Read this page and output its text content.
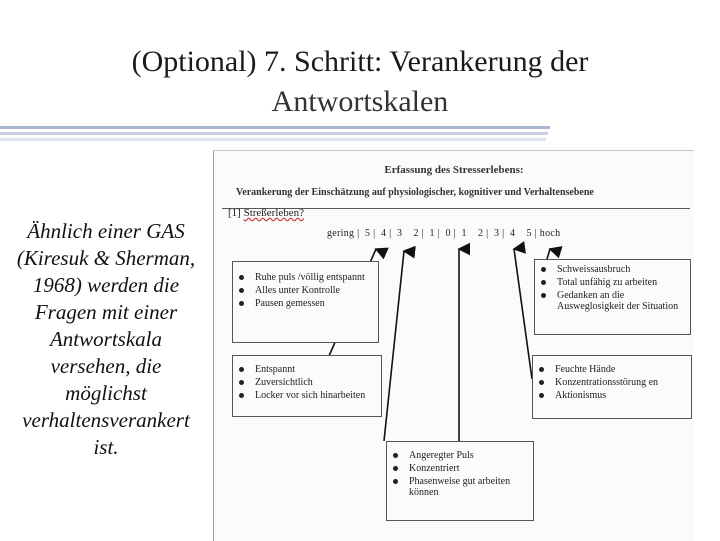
(Optional) 7. Schritt: Verankerung der
Antwortskalen
Ähnlich einer GAS
(Kiresuk & Sherman,
1968) werden die
Fragen mit einer
Antwortskala
versehen, die
möglichst
verhaltensverankert
ist.
Erfassung des Stresserlebens:
Verankerung der Einschätzung auf physiologischer, kognitiver und Verhaltensebene
[1] Streßerleben?
gering |  5 |  4 |  3    2 |  1 |  0 |  1    2 |  3 |  4    5 | hoch
Ruhe puls /völlig entspannt
Alles unter Kontrolle
Pausen gemessen
Schweissausbruch
Total unfähig zu arbeiten
Gedanken an die Ausweglosigkeit der Situation
Entspannt
Zuversichtlich
Locker vor sich hinarbeiten
Feuchte Hände
Konzentrationsstörung en
Aktionismus
Angeregter Puls
Konzentriert
Phasenweise gut arbeiten können
